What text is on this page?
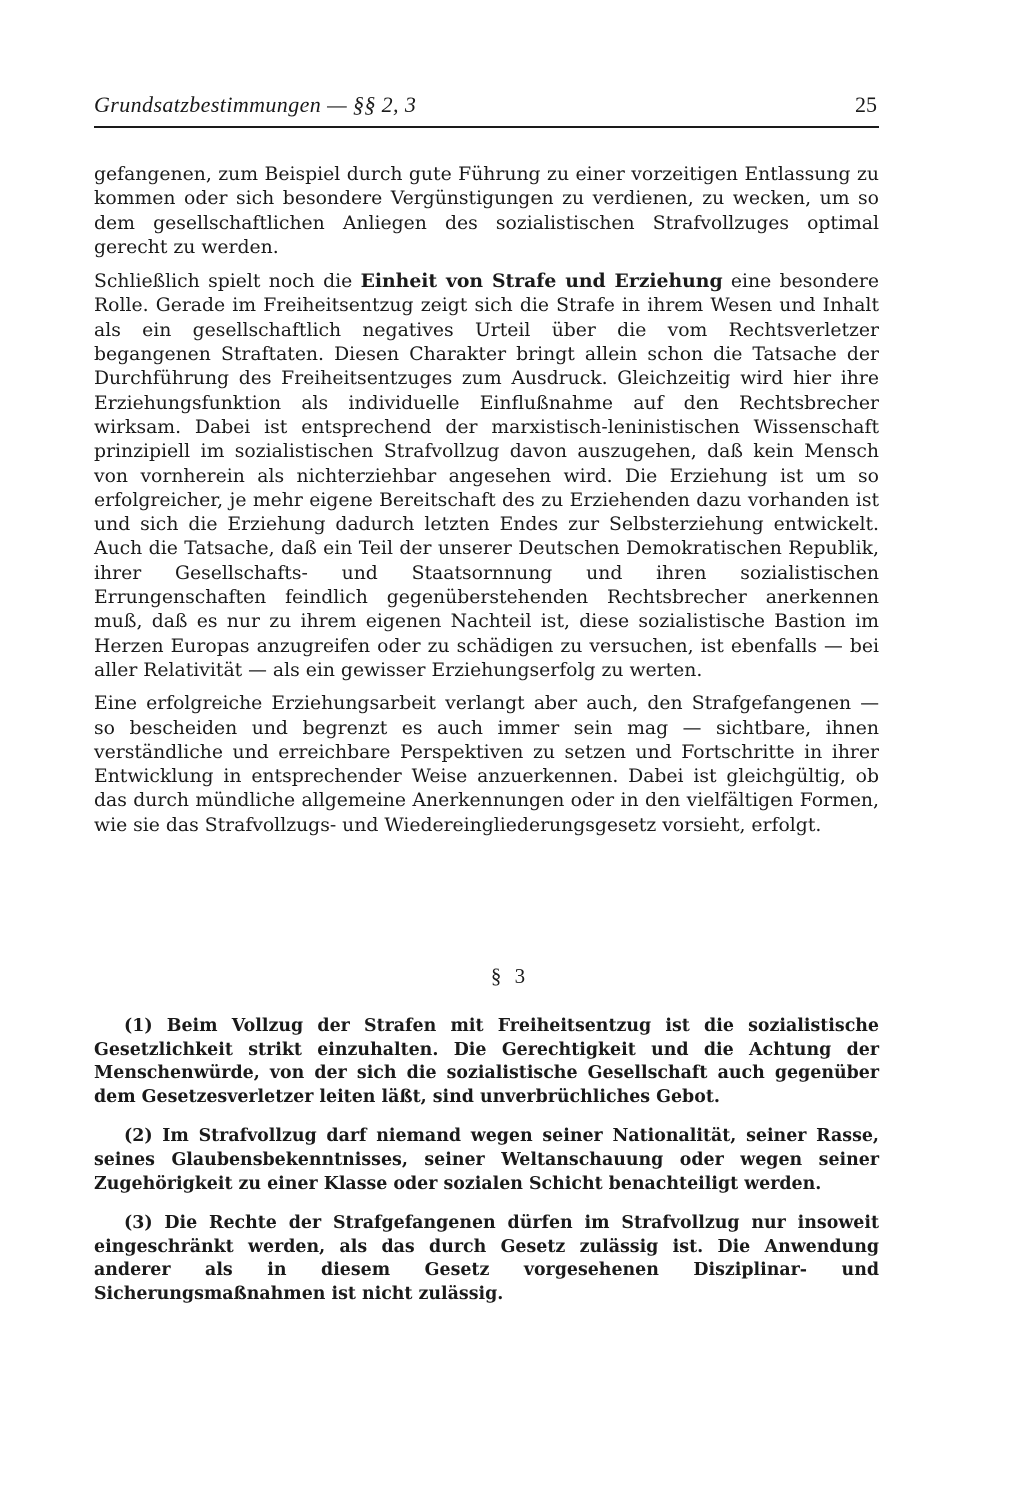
Grundsatzbestimmungen — §§ 2, 3	25

gefangenen, zum Beispiel durch gute Führung zu einer vorzeitigen Entlassung zu kommen oder sich besondere Vergünstigungen zu verdienen, zu wecken, um so dem gesellschaftlichen Anliegen des sozialistischen Strafvollzuges optimal gerecht zu werden.

Schließlich spielt noch die Einheit von Strafe und Erziehung eine besondere Rolle. Gerade im Freiheitsentzug zeigt sich die Strafe in ihrem Wesen und Inhalt als ein gesellschaftlich negatives Urteil über die vom Rechtsverletzer begangenen Straftaten. Diesen Charakter bringt allein schon die Tatsache der Durchführung des Freiheitsentzuges zum Ausdruck. Gleichzeitig wird hier ihre Erziehungsfunktion als individuelle Einflußnahme auf den Rechtsbrecher wirksam. Dabei ist entsprechend der marxistisch-leninistischen Wissenschaft prinzipiell im sozialistischen Strafvollzug davon auszugehen, daß kein Mensch von vornherein als nichterziehbar angesehen wird. Die Erziehung ist um so erfolgreicher, je mehr eigene Bereitschaft des zu Erziehenden dazu vorhanden ist und sich die Erziehung dadurch letzten Endes zur Selbsterziehung entwickelt. Auch die Tatsache, daß ein Teil der unserer Deutschen Demokratischen Republik, ihrer Gesellschafts- und Staatsornnung und ihren sozialistischen Errungenschaften feindlich gegenüberstehenden Rechtsbrecher anerkennen muß, daß es nur zu ihrem eigenen Nachteil ist, diese sozialistische Bastion im Herzen Europas anzugreifen oder zu schädigen zu versuchen, ist ebenfalls — bei aller Relativität — als ein gewisser Erziehungserfolg zu werten.

Eine erfolgreiche Erziehungsarbeit verlangt aber auch, den Strafgefangenen — so bescheiden und begrenzt es auch immer sein mag — sichtbare, ihnen verständliche und erreichbare Perspektiven zu setzen und Fortschritte in ihrer Entwicklung in entsprechender Weise anzuerkennen. Dabei ist gleichgültig, ob das durch mündliche allgemeine Anerkennungen oder in den vielfältigen Formen, wie sie das Strafvollzugs- und Wiedereingliederungsgesetz vorsieht, erfolgt.

§ 3

(1) Beim Vollzug der Strafen mit Freiheitsentzug ist die sozialistische Gesetzlichkeit strikt einzuhalten. Die Gerechtigkeit und die Achtung der Menschenwürde, von der sich die sozialistische Gesellschaft auch gegenüber dem Gesetzesverletzer leiten läßt, sind unverbrüchliches Gebot.

(2) Im Strafvollzug darf niemand wegen seiner Nationalität, seiner Rasse, seines Glaubensbekenntnisses, seiner Weltanschauung oder wegen seiner Zugehörigkeit zu einer Klasse oder sozialen Schicht benachteiligt werden.

(3) Die Rechte der Strafgefangenen dürfen im Strafvollzug nur insoweit eingeschränkt werden, als das durch Gesetz zulässig ist. Die Anwendung anderer als in diesem Gesetz vorgesehenen Disziplinar- und Sicherungsmaßnahmen ist nicht zulässig.
